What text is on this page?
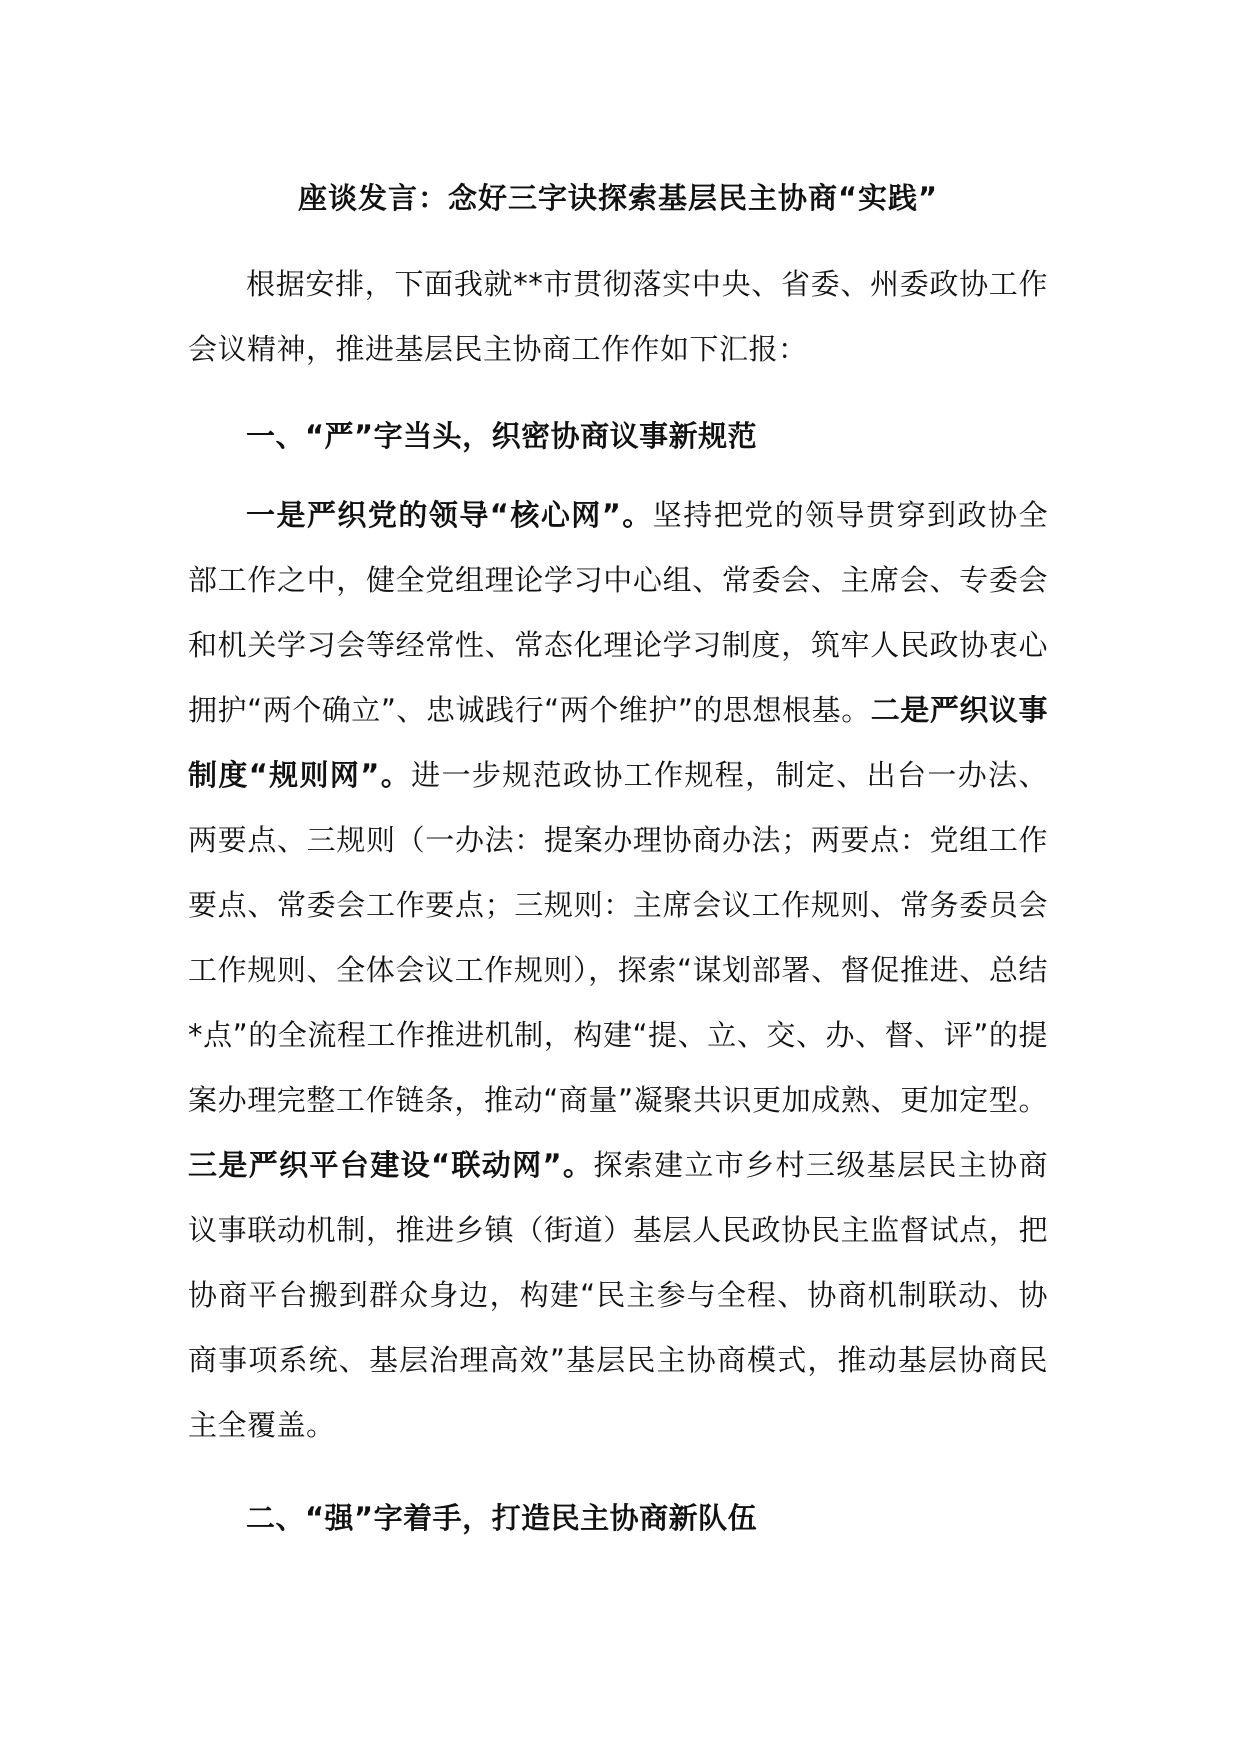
座谈发言：念好三字诀探索基层民主协商“实践”

根据安排，下面我就**市贯彻落实中央、省委、州委政协工作会议精神，推进基层民主协商工作作如下汇报：

一、“严”字当头，织密协商议事新规范

一是严织党的领导“核心网”。坚持把党的领导贯穿到政协全部工作之中，健全党组理论学习中心组、常委会、主席会、专委会和机关学习会等经常性、常态化理论学习制度，筑牢人民政协衷心拥护“两个确立”、忠诚践行“两个维护”的思想根基。二是严织议事制度“规则网”。进一步规范政协工作规程，制定、出台一办法、两要点、三规则（一办法：提案办理协商办法；两要点：党组工作要点、常委会工作要点；三规则：主席会议工作规则、常务委员会工作规则、全体会议工作规则），探索“谋划部署、督促推进、总结*点”的全流程工作推进机制，构建“提、立、交、办、督、评”的提案办理完整工作链条，推动“商量”凝聚共识更加成熟、更加定型。三是严织平台建设“联动网”。探索建立市乡村三级基层民主协商议事联动机制，推进乡镇（街道）基层人民政协民主监督试点，把协商平台搬到群众身边，构建“民主参与全程、协商机制联动、协商事项系统、基层治理高效”基层民主协商模式，推动基层协商民主全覆盖。

二、“强”字着手，打造民主协商新队伍
